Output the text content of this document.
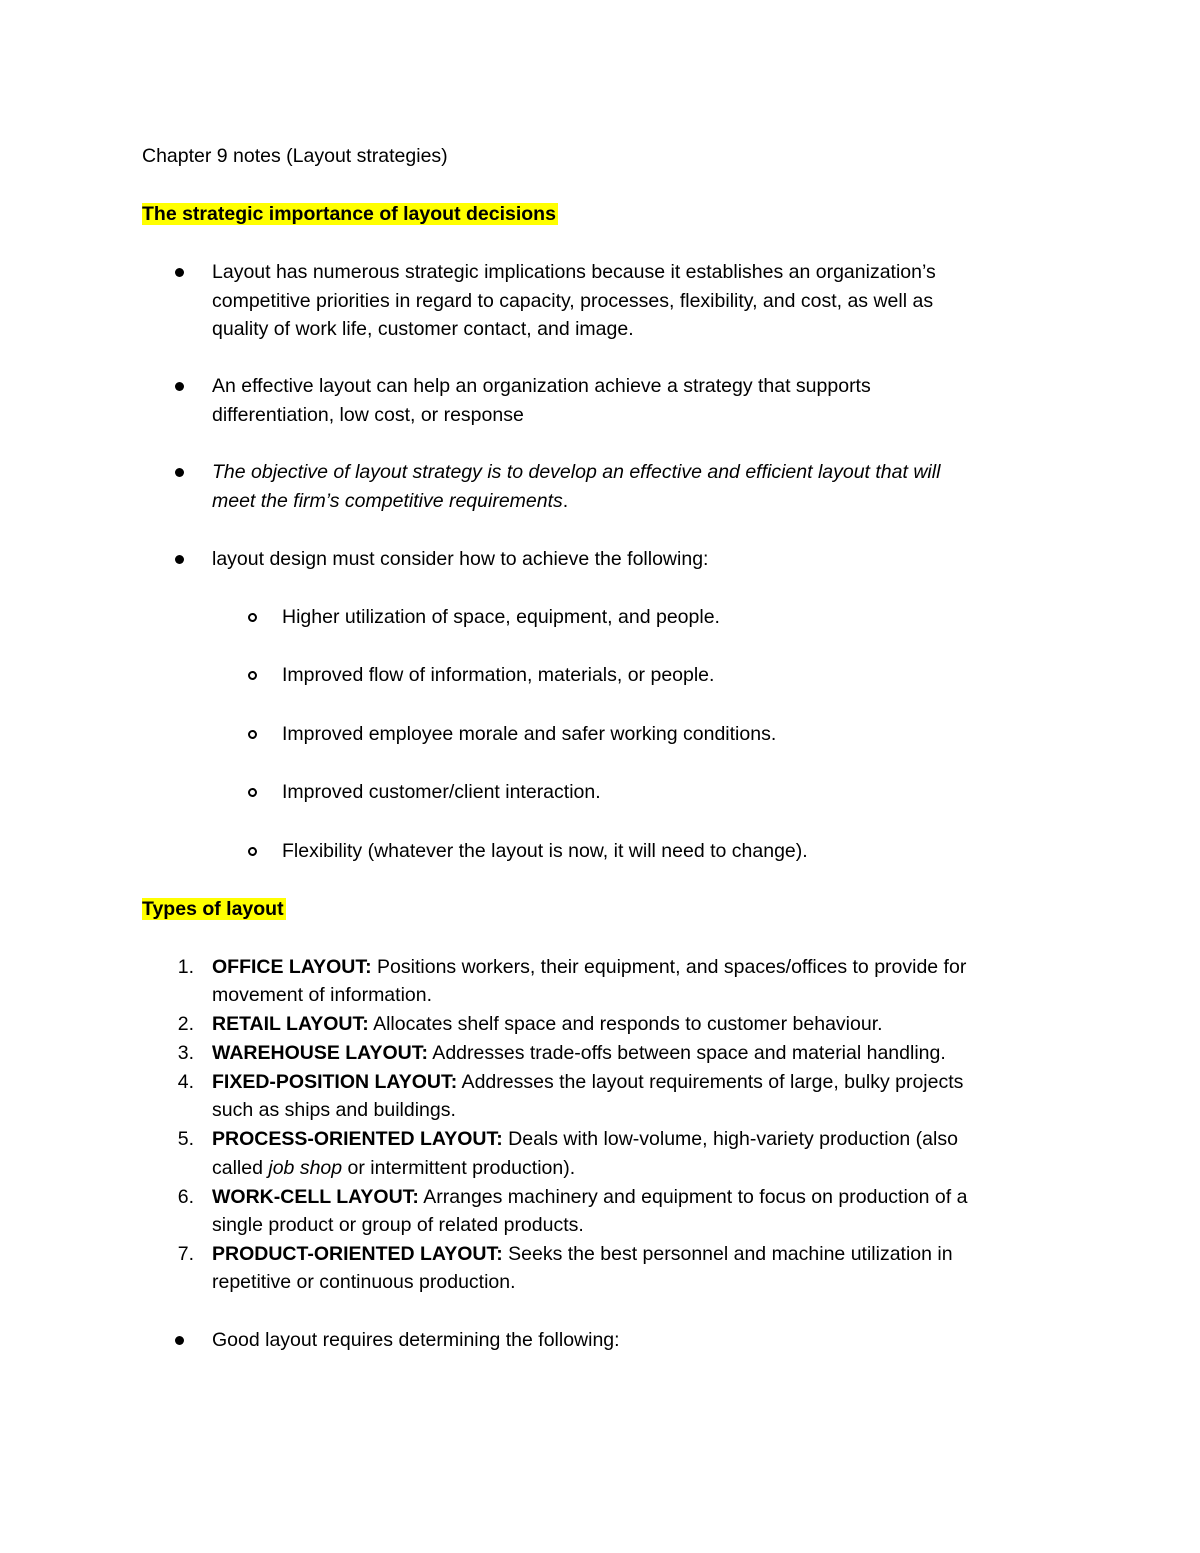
Chapter 9 notes (Layout strategies)
The strategic importance of layout decisions
Layout has numerous strategic implications because it establishes an organization’s
competitive priorities in regard to capacity, processes, flexibility, and cost, as well as
quality of work life, customer contact, and image.
An effective layout can help an organization achieve a strategy that supports
differentiation, low cost, or response
The objective of layout strategy is to develop an effective and efficient layout that will
meet the firm’s competitive requirements.
layout design must consider how to achieve the following:
Higher utilization of space, equipment, and people.
Improved flow of information, materials, or people.
Improved employee morale and safer working conditions.
Improved customer/client interaction.
Flexibility (whatever the layout is now, it will need to change).
Types of layout
1. OFFICE LAYOUT: Positions workers, their equipment, and spaces/offices to provide for
movement of information.
2. RETAIL LAYOUT: Allocates shelf space and responds to customer behaviour.
3. WAREHOUSE LAYOUT: Addresses trade-offs between space and material handling.
4. FIXED-POSITION LAYOUT: Addresses the layout requirements of large, bulky projects
such as ships and buildings.
5. PROCESS-ORIENTED LAYOUT: Deals with low-volume, high-variety production (also
called job shop or intermittent production).
6. WORK-CELL LAYOUT: Arranges machinery and equipment to focus on production of a
single product or group of related products.
7. PRODUCT-ORIENTED LAYOUT: Seeks the best personnel and machine utilization in
repetitive or continuous production.
Good layout requires determining the following:
